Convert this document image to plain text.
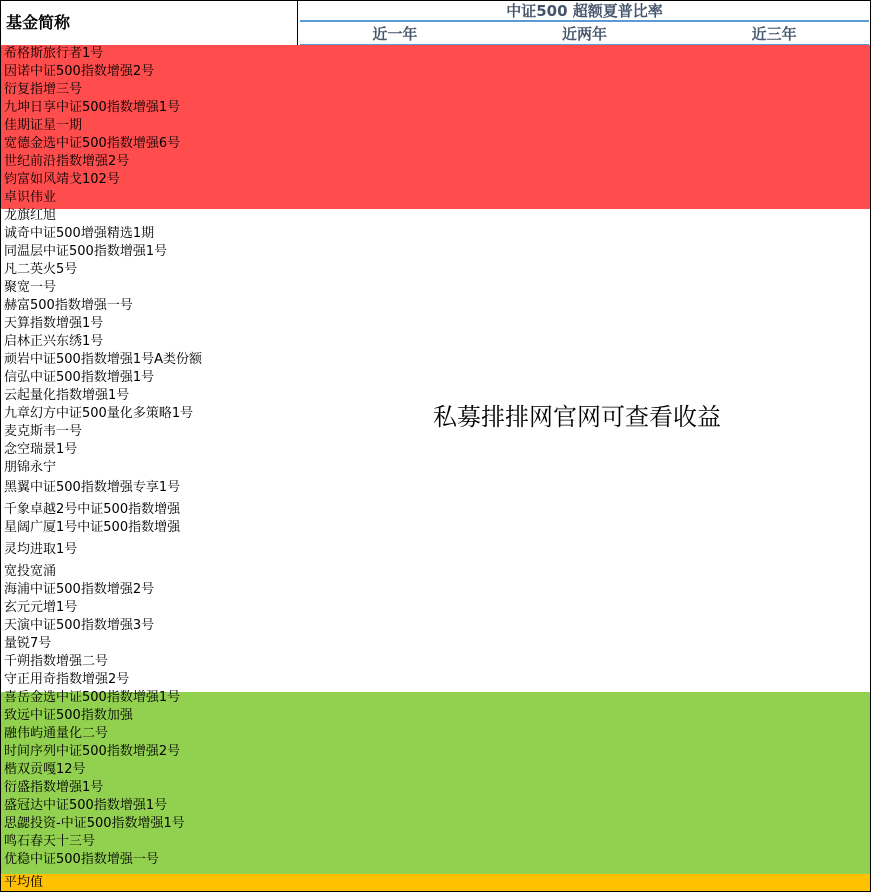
基金简称
中证500 超额夏普比率
近一年	近两年	近三年
希格斯旅行者1号
因诺中证500指数增强2号
衍复指增三号
九坤日享中证500指数增强1号
佳期证星一期
宽德金选中证500指数增强6号
世纪前沿指数增强2号
钧富如风靖戈102号
卓识伟业
龙旗红旭
诚奇中证500增强精选1期
同温层中证500指数增强1号
凡二英火5号
聚宽一号
赫富500指数增强一号
天算指数增强1号
启林正兴东绣1号
顽岩中证500指数增强1号A类份额
信弘中证500指数增强1号
云起量化指数增强1号
九章幻方中证500量化多策略1号
麦克斯韦一号
念空瑞景1号
朋锦永宁
黑翼中证500指数增强专享1号
千象卓越2号中证500指数增强
星阔广厦1号中证500指数增强
灵均进取1号
宽投宽涌
海浦中证500指数增强2号
玄元元增1号
天演中证500指数增强3号
量锐7号
千朔指数增强二号
守正用奇指数增强2号
喜岳金选中证500指数增强1号
致远中证500指数加强
融伟屿通量化二号
时间序列中证500指数增强2号
楷双贡嘎12号
衍盛指数增强1号
盛冠达中证500指数增强1号
思勰投资-中证500指数增强1号
鸣石春天十三号
优稳中证500指数增强一号
平均值
私募排排网官网可查看收益
